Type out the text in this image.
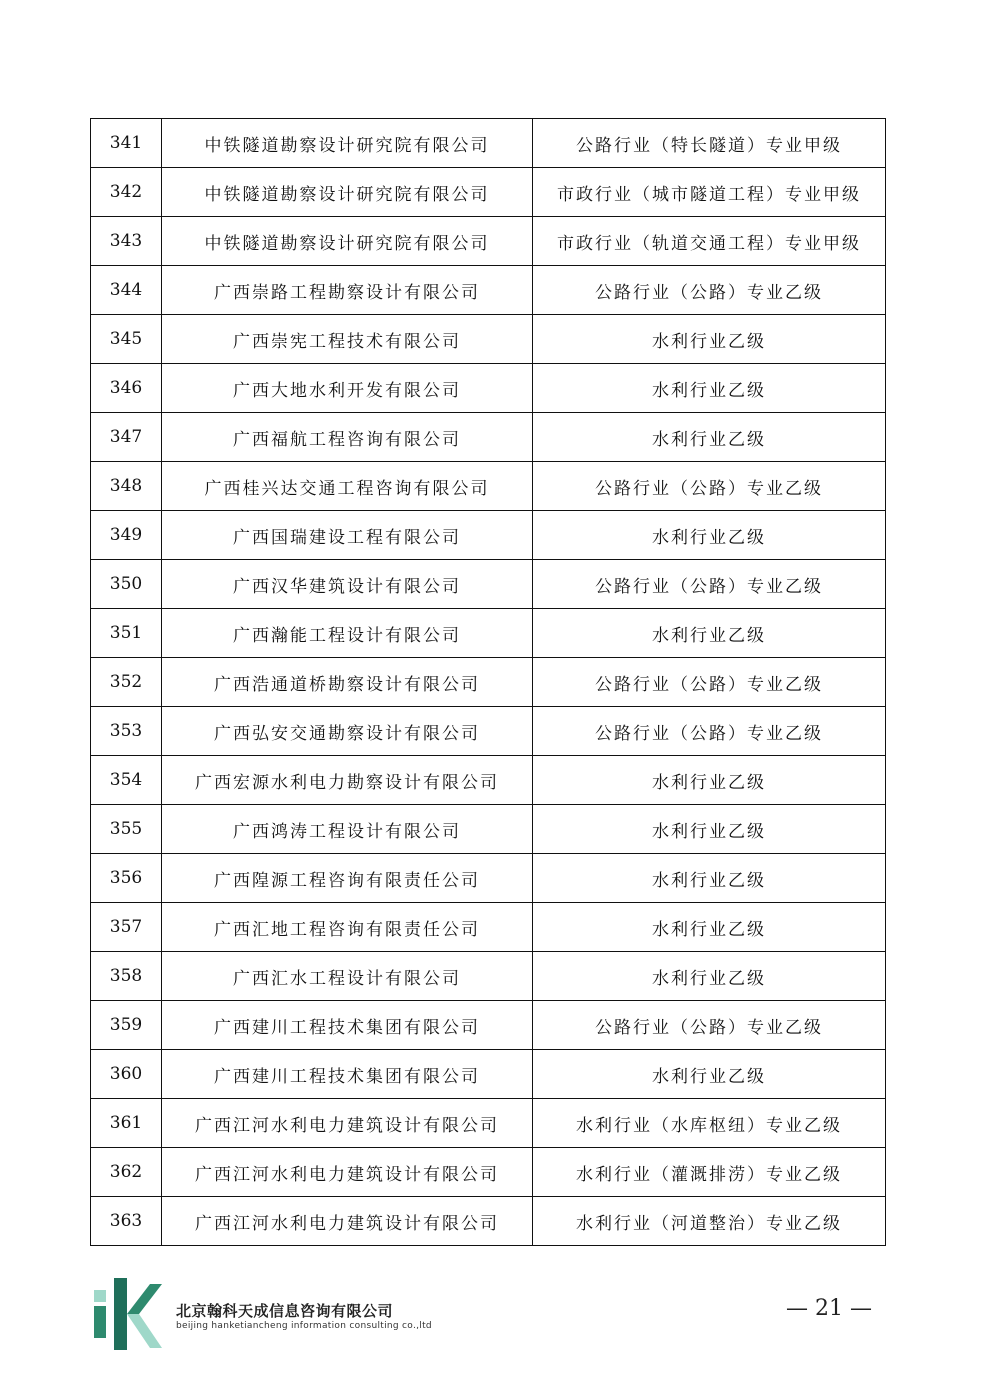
341	中铁隧道勘察设计研究院有限公司	公路行业（特长隧道）专业甲级
342	中铁隧道勘察设计研究院有限公司	市政行业（城市隧道工程）专业甲级
343	中铁隧道勘察设计研究院有限公司	市政行业（轨道交通工程）专业甲级
344	广西崇路工程勘察设计有限公司	公路行业（公路）专业乙级
345	广西崇宪工程技术有限公司	水利行业乙级
346	广西大地水利开发有限公司	水利行业乙级
347	广西福航工程咨询有限公司	水利行业乙级
348	广西桂兴达交通工程咨询有限公司	公路行业（公路）专业乙级
349	广西国瑞建设工程有限公司	水利行业乙级
350	广西汉华建筑设计有限公司	公路行业（公路）专业乙级
351	广西瀚能工程设计有限公司	水利行业乙级
352	广西浩通道桥勘察设计有限公司	公路行业（公路）专业乙级
353	广西弘安交通勘察设计有限公司	公路行业（公路）专业乙级
354	广西宏源水利电力勘察设计有限公司	水利行业乙级
355	广西鸿涛工程设计有限公司	水利行业乙级
356	广西隍源工程咨询有限责任公司	水利行业乙级
357	广西汇地工程咨询有限责任公司	水利行业乙级
358	广西汇水工程设计有限公司	水利行业乙级
359	广西建川工程技术集团有限公司	公路行业（公路）专业乙级
360	广西建川工程技术集团有限公司	水利行业乙级
361	广西江河水利电力建筑设计有限公司	水利行业（水库枢纽）专业乙级
362	广西江河水利电力建筑设计有限公司	水利行业（灌溉排涝）专业乙级
363	广西江河水利电力建筑设计有限公司	水利行业（河道整治）专业乙级
北京翰科天成信息咨询有限公司
beijing hanketiancheng information consulting co.,ltd
— 21 —
